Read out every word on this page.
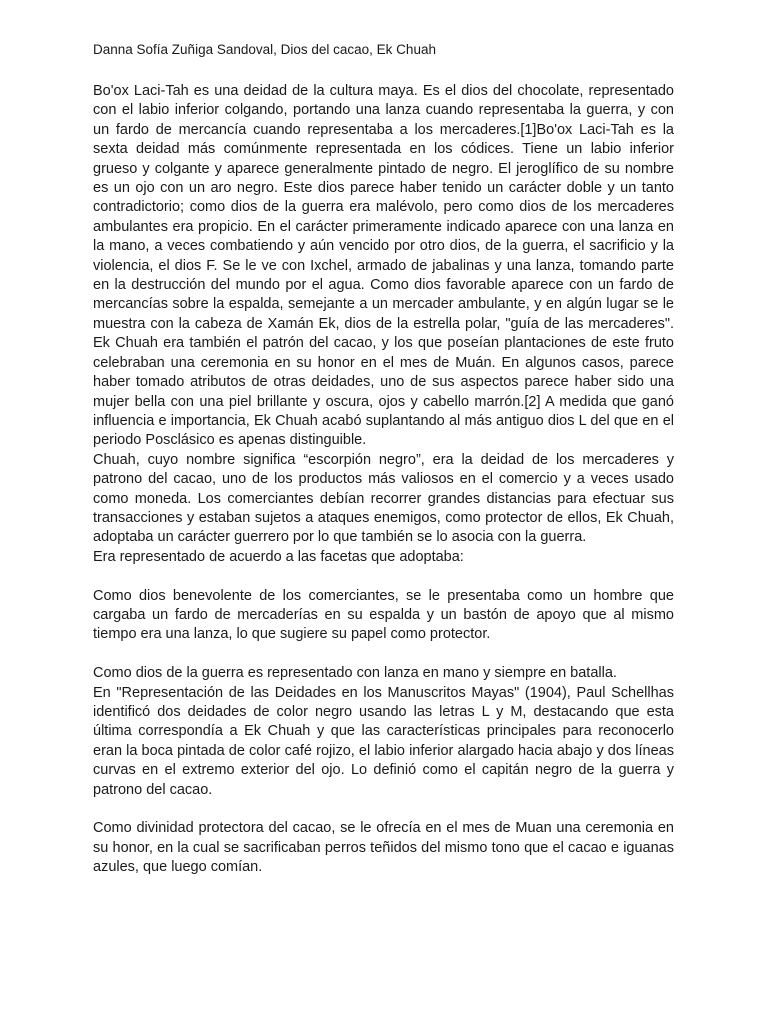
Danna Sofía Zuñiga Sandoval, Dios del cacao, Ek Chuah

Bo'ox Laci-Tah es una deidad de la cultura maya. Es el dios del chocolate, representado con el labio inferior colgando, portando una lanza cuando representaba la guerra, y con un fardo de mercancía cuando representaba a los mercaderes.[1]Bo'ox Laci-Tah es la sexta deidad más comúnmente representada en los códices. Tiene un labio inferior grueso y colgante y aparece generalmente pintado de negro. El jeroglífico de su nombre es un ojo con un aro negro. Este dios parece haber tenido un carácter doble y un tanto contradictorio; como dios de la guerra era malévolo, pero como dios de los mercaderes ambulantes era propicio. En el carácter primeramente indicado aparece con una lanza en la mano, a veces combatiendo y aún vencido por otro dios, de la guerra, el sacrificio y la violencia, el dios F. Se le ve con Ixchel, armado de jabalinas y una lanza, tomando parte en la destrucción del mundo por el agua. Como dios favorable aparece con un fardo de mercancías sobre la espalda, semejante a un mercader ambulante, y en algún lugar se le muestra con la cabeza de Xamán Ek, dios de la estrella polar, "guía de las mercaderes". Ek Chuah era también el patrón del cacao, y los que poseían plantaciones de este fruto celebraban una ceremonia en su honor en el mes de Muán. En algunos casos, parece haber tomado atributos de otras deidades, uno de sus aspectos parece haber sido una mujer bella con una piel brillante y oscura, ojos y cabello marrón.[2] A medida que ganó influencia e importancia, Ek Chuah acabó suplantando al más antiguo dios L del que en el periodo Posclásico es apenas distinguible.

Chuah, cuyo nombre significa “escorpión negro”, era la deidad de los mercaderes y patrono del cacao, uno de los productos más valiosos en el comercio y a veces usado como moneda. Los comerciantes debían recorrer grandes distancias para efectuar sus transacciones y estaban sujetos a ataques enemigos, como protector de ellos, Ek Chuah, adoptaba un carácter guerrero por lo que también se lo asocia con la guerra.

Era representado de acuerdo a las facetas que adoptaba:

Como dios benevolente de los comerciantes, se le presentaba como un hombre que cargaba un fardo de mercaderías en su espalda y un bastón de apoyo que al mismo tiempo era una lanza, lo que sugiere su papel como protector.

Como dios de la guerra es representado con lanza en mano y siempre en batalla.

En "Representación de las Deidades en los Manuscritos Mayas" (1904), Paul Schellhas identificó dos deidades de color negro usando las letras L y M, destacando que esta última correspondía a Ek Chuah y que las características principales para reconocerlo eran la boca pintada de color café rojizo, el labio inferior alargado hacia abajo y dos líneas curvas en el extremo exterior del ojo. Lo definió como el capitán negro de la guerra y patrono del cacao.

Como divinidad protectora del cacao, se le ofrecía en el mes de Muan una ceremonia en su honor, en la cual se sacrificaban perros teñidos del mismo tono que el cacao e iguanas azules, que luego comían.
